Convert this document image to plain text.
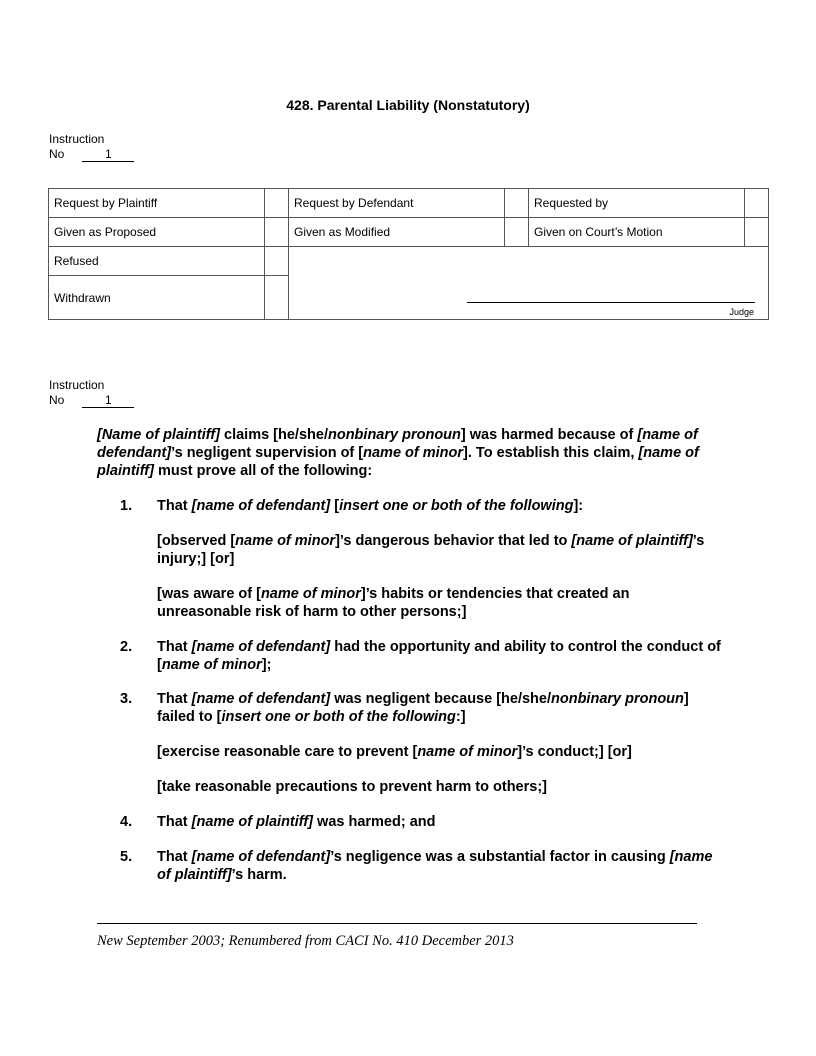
428. Parental Liability (Nonstatutory)
Instruction
No	1
Request by Plaintiff		Request by Defendant		Requested by	
Given as Proposed		Given as Modified		Given on Court’s Motion	
Refused		Judge			

Withdrawn					
Instruction
No	1

[Name of plaintiff] claims [he/she/nonbinary pronoun] was harmed because of [name of defendant]’s negligent supervision of [name of minor]. To establish this claim, [name of plaintiff] must prove all of the following:

1.	That [name of defendant] [insert one or both of the following]:
[observed [name of minor]’s dangerous behavior that led to [name of plaintiff]’s injury;] [or]
[was aware of [name of minor]’s habits or tendencies that created an unreasonable risk of harm to other persons;]
2.	That [name of defendant] had the opportunity and ability to control the conduct of [name of minor];
3.	That [name of defendant] was negligent because [he/she/nonbinary pronoun] failed to [insert one or both of the following:]
[exercise reasonable care to prevent [name of minor]’s conduct;] [or]
[take reasonable precautions to prevent harm to others;]
4.	That [name of plaintiff] was harmed; and
5.	That [name of defendant]’s negligence was a substantial factor in causing [name of plaintiff]’s harm.
New September 2003; Renumbered from CACI No. 410 December 2013
